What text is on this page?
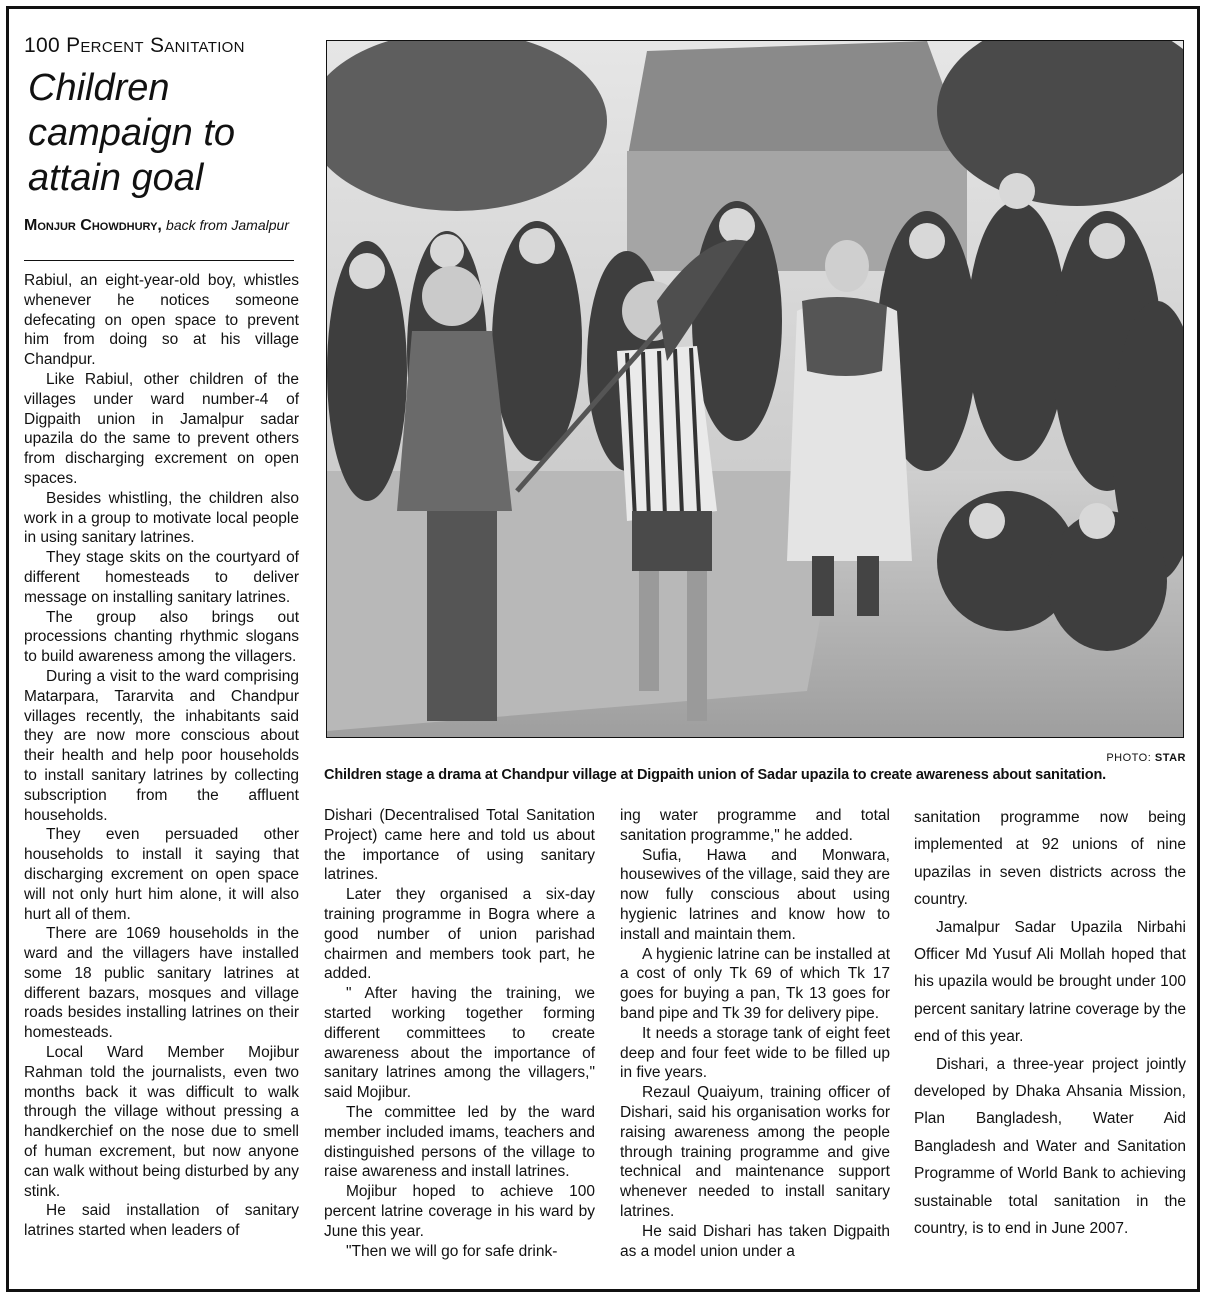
100 Percent Sanitation
Children campaign to attain goal
Monjur Chowdhury, back from Jamalpur

Rabiul, an eight-year-old boy, whistles whenever he notices someone defecating on open space to prevent him from doing so at his village Chandpur.

Like Rabiul, other children of the villages under ward number-4 of Digpaith union in Jamalpur sadar upazila do the same to prevent others from discharging excrement on open spaces.

Besides whistling, the children also work in a group to motivate local people in using sanitary latrines.

They stage skits on the courtyard of different homesteads to deliver message on installing sanitary latrines.

The group also brings out processions chanting rhythmic slogans to build awareness among the villagers.

During a visit to the ward comprising Matarpara, Tararvita and Chandpur villages recently, the inhabitants said they are now more conscious about their health and help poor households to install sanitary latrines by collecting subscription from the affluent households.

They even persuaded other households to install it saying that discharging excrement on open space will not only hurt him alone, it will also hurt all of them.

There are 1069 households in the ward and the villagers have installed some 18 public sanitary latrines at different bazars, mosques and village roads besides installing latrines on their homesteads.

Local Ward Member Mojibur Rahman told the journalists, even two months back it was difficult to walk through the village without pressing a handkerchief on the nose due to smell of human excrement, but now anyone can walk without being disturbed by any stink.

He said installation of sanitary latrines started when leaders of

PHOTO: STAR
Children stage a drama at Chandpur village at Digpaith union of Sadar upazila to create awareness about sanitation.

Dishari (Decentralised Total Sanitation Project) came here and told us about the importance of using sanitary latrines.

Later they organised a six-day training programme in Bogra where a good number of union parishad chairmen and members took part, he added.

" After having the training, we started working together forming different committees to create awareness about the importance of sanitary latrines among the villagers," said Mojibur.

The committee led by the ward member included imams, teachers and distinguished persons of the village to raise awareness and install latrines.

Mojibur hoped to achieve 100 percent latrine coverage in his ward by June this year.

"Then we will go for safe drink-

ing water programme and total sanitation programme," he added.

Sufia, Hawa and Monwara, housewives of the village, said they are now fully conscious about using hygienic latrines and know how to install and maintain them.

A hygienic latrine can be installed at a cost of only Tk 69 of which Tk 17 goes for buying a pan, Tk 13 goes for band pipe and Tk 39 for delivery pipe.

It needs a storage tank of eight feet deep and four feet wide to be filled up in five years.

Rezaul Quaiyum, training officer of Dishari, said his organisation works for raising awareness among the people through training programme and give technical and maintenance support whenever needed to install sanitary latrines.

He said Dishari has taken Digpaith as a model union under a

sanitation programme now being implemented at 92 unions of nine upazilas in seven districts across the country.

Jamalpur Sadar Upazila Nirbahi Officer Md Yusuf Ali Mollah hoped that his upazila would be brought under 100 percent sanitary latrine coverage by the end of this year.

Dishari, a three-year project jointly developed by Dhaka Ahsania Mission, Plan Bangladesh, Water Aid Bangladesh and Water and Sanitation Programme of World Bank to achieving sustainable total sanitation in the country, is to end in June 2007.
